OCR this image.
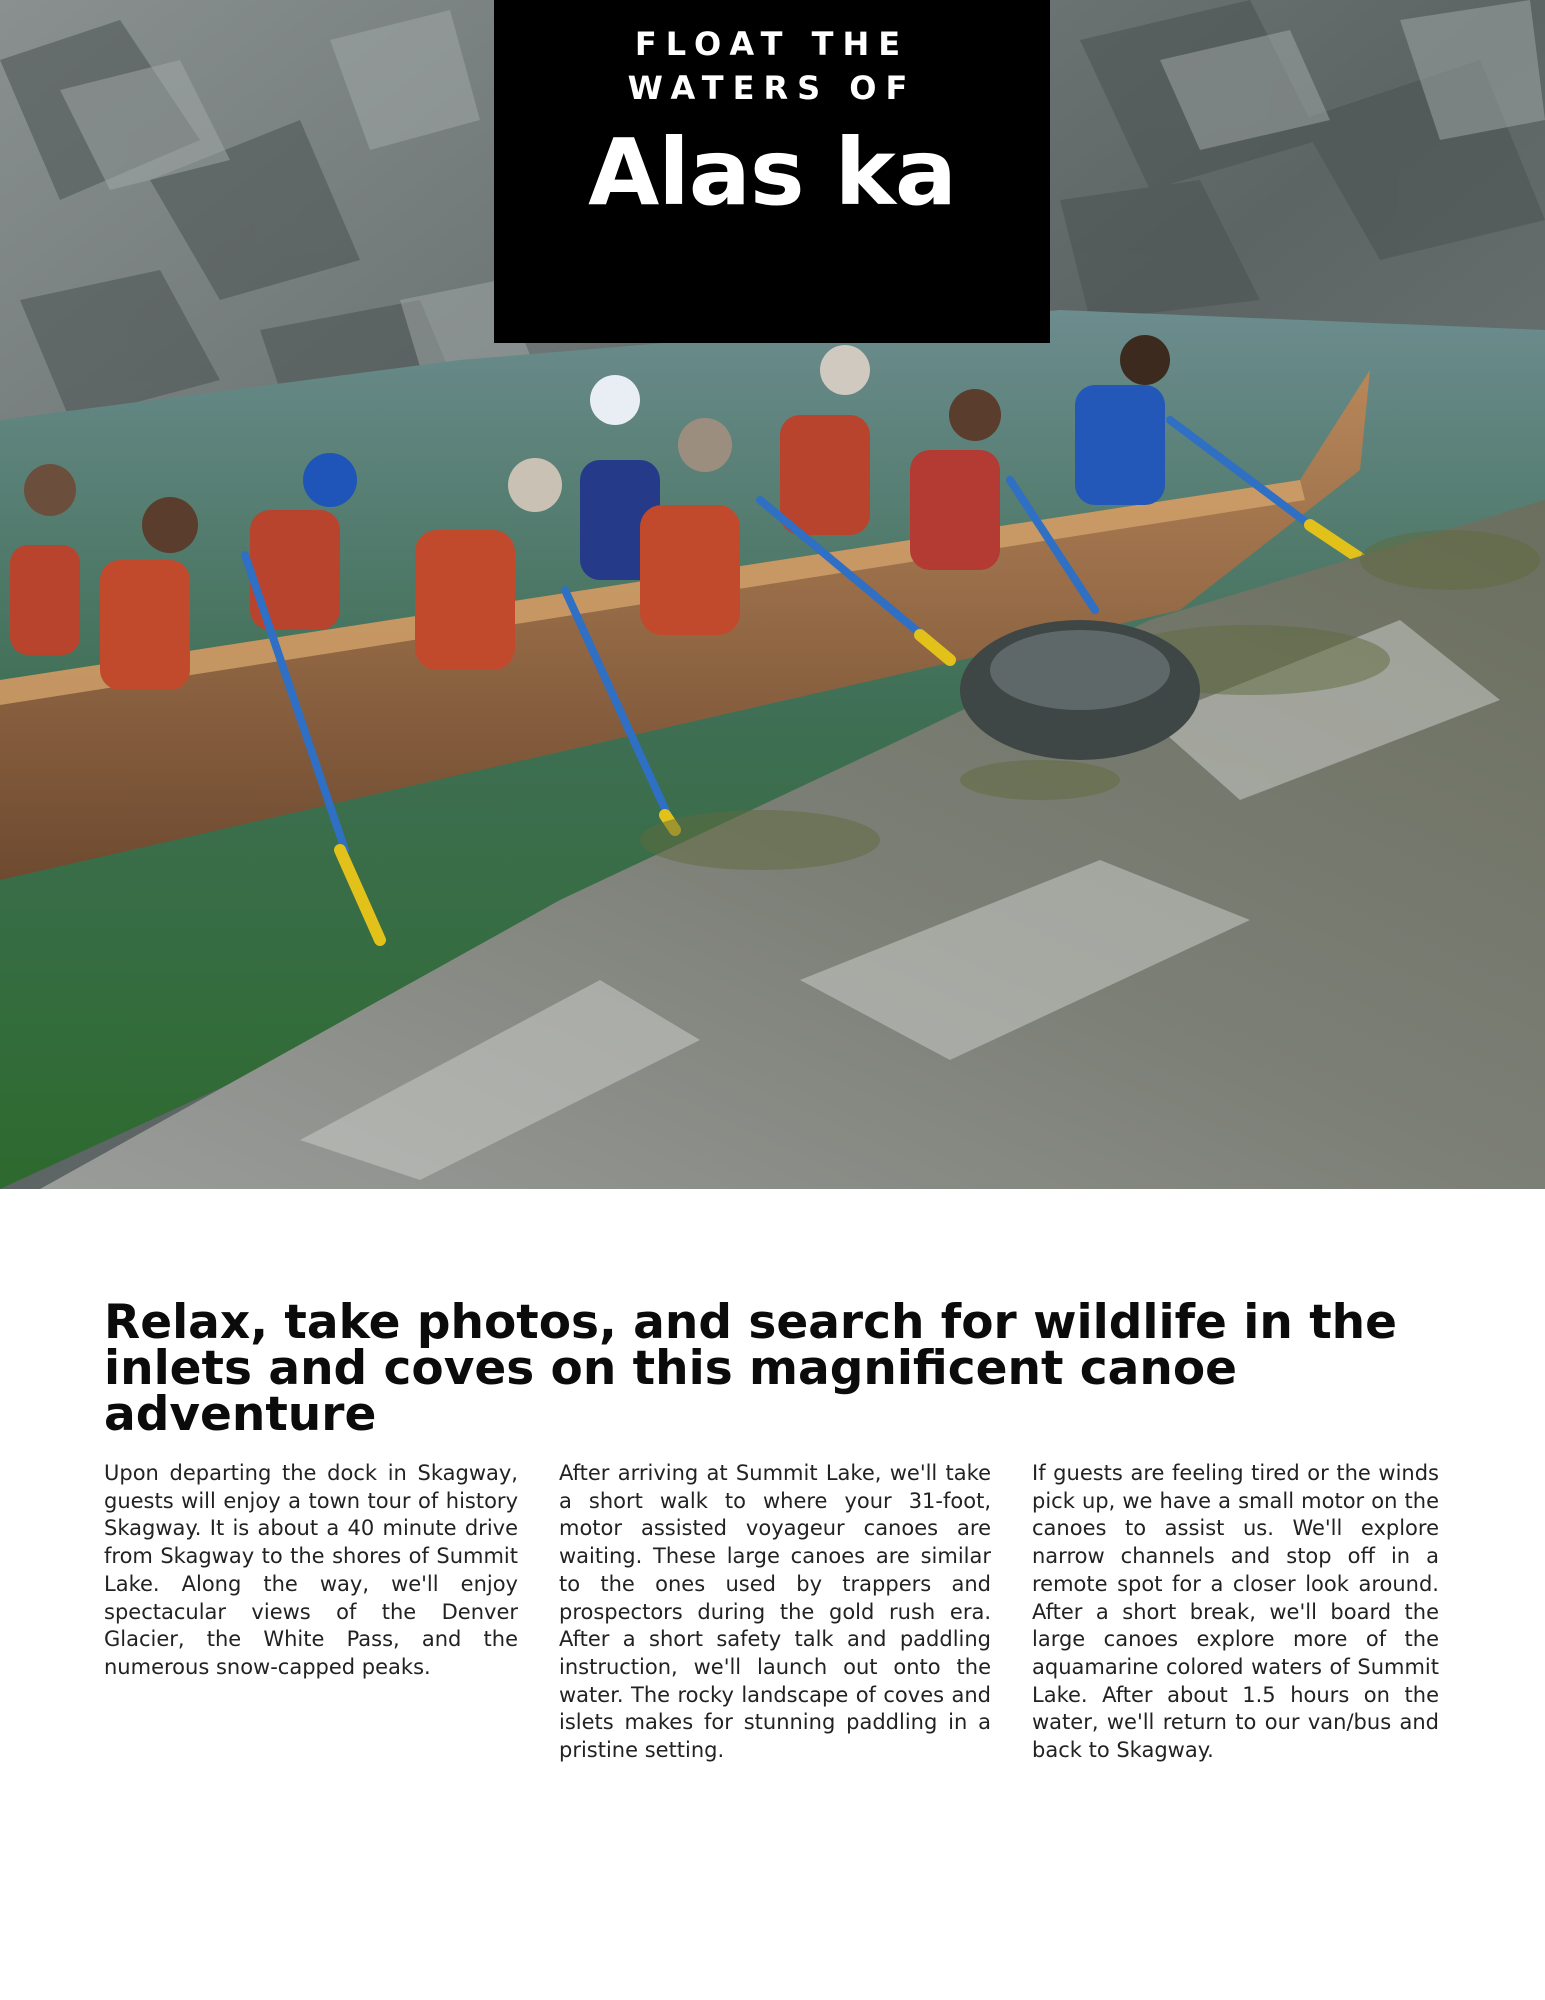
FLOAT THE WATERS OF
Alas ka
Relax, take photos, and search for wildlife in the inlets and coves on this magnificent canoe adventure

Upon departing the dock in Skagway, guests will enjoy a town tour of history Skagway. It is about a 40 minute drive from Skagway to the shores of Summit Lake. Along the way, we'll enjoy spectacular views of the Denver Glacier, the White Pass, and the numerous snow-capped peaks.

After arriving at Summit Lake, we'll take a short walk to where your 31-foot, motor assisted voyageur canoes are waiting. These large canoes are similar to the ones used by trappers and prospectors during the gold rush era. After a short safety talk and paddling instruction, we'll launch out onto the water. The rocky landscape of coves and islets makes for stunning paddling in a pristine setting.

If guests are feeling tired or the winds pick up, we have a small motor on the canoes to assist us. We'll explore narrow channels and stop off in a remote spot for a closer look around. After a short break, we'll board the large canoes explore more of the aquamarine colored waters of Summit Lake. After about 1.5 hours on the water, we'll return to our van/bus and back to Skagway.
